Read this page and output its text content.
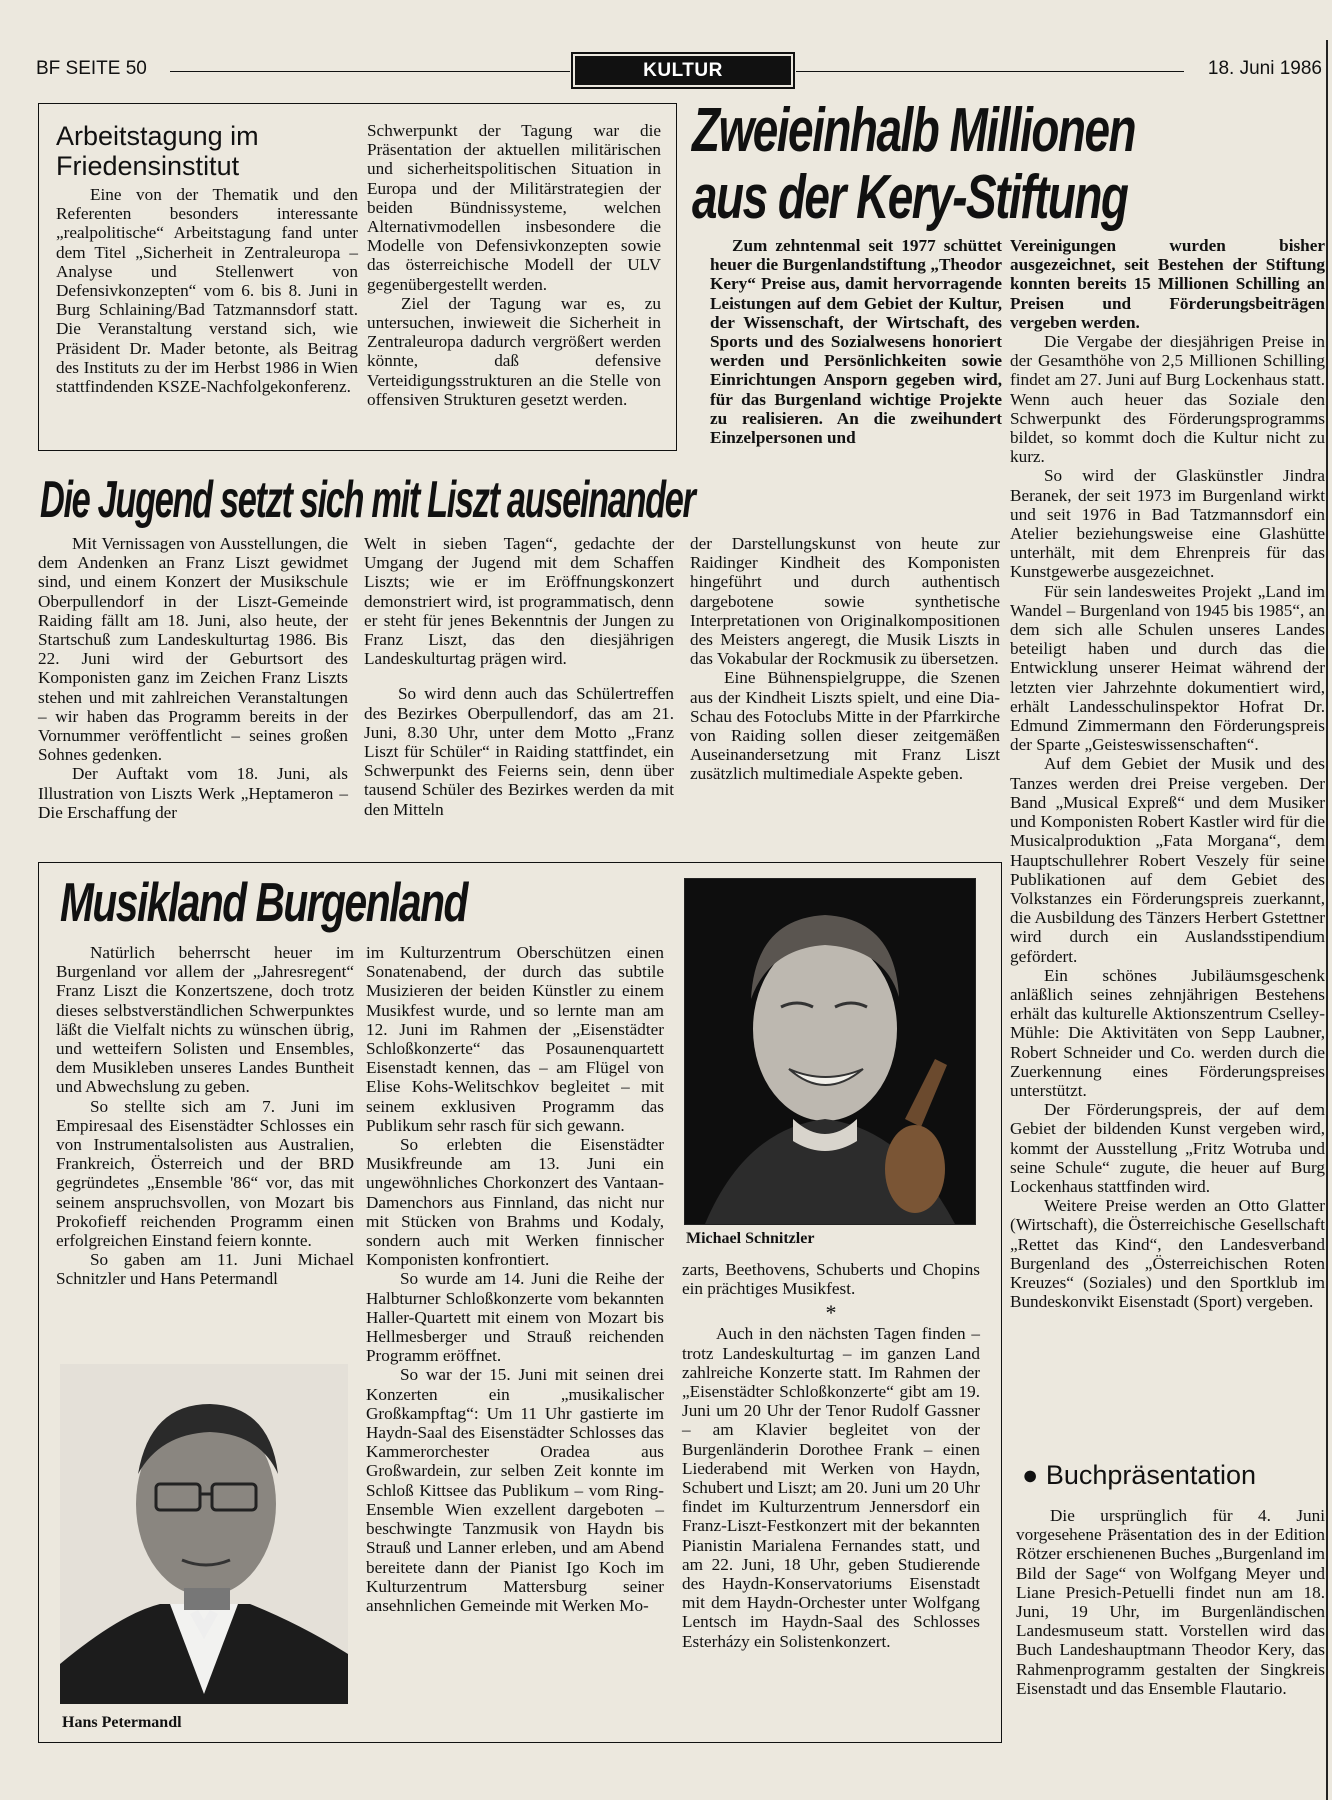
BF SEITE 50	KULTUR	18. Juni 1986
Arbeitstagung im Friedensinstitut

Eine von der Thematik und den Referenten besonders interessante „realpolitische“ Arbeitstagung fand unter dem Titel „Sicherheit in Zentraleuropa – Analyse und Stellenwert von Defensivkonzepten“ vom 6. bis 8. Juni in Burg Schlaining/Bad Tatzmannsdorf statt. Die Veranstaltung verstand sich, wie Präsident Dr. Mader betonte, als Beitrag des Instituts zu der im Herbst 1986 in Wien stattfindenden KSZE-Nachfolgekonferenz.

Schwerpunkt der Tagung war die Präsentation der aktuellen militärischen und sicherheitspolitischen Situation in Europa und der Militärstrategien der beiden Bündnissysteme, welchen Alternativmodellen insbesondere die Modelle von Defensivkonzepten sowie das österreichische Modell der ULV gegenübergestellt werden.

Ziel der Tagung war es, zu untersuchen, inwieweit die Sicherheit in Zentraleuropa dadurch vergrößert werden könnte, daß defensive Verteidigungsstrukturen an die Stelle von offensiven Strukturen gesetzt werden.

Zweieinhalb Millionen
aus der Kery-Stiftung

Zum zehntenmal seit 1977 schüttet heuer die Burgenlandstiftung „Theodor Kery“ Preise aus, damit hervorragende Leistungen auf dem Gebiet der Kultur, der Wissenschaft, der Wirtschaft, des Sports und des Sozialwesens honoriert werden und Persönlichkeiten sowie Einrichtungen Ansporn gegeben wird, für das Burgenland wichtige Projekte zu realisieren. An die zweihundert Einzelpersonen und

Vereinigungen wurden bisher ausgezeichnet, seit Bestehen der Stiftung konnten bereits 15 Millionen Schilling an Preisen und Förderungsbeiträgen vergeben werden.

Die Vergabe der diesjährigen Preise in der Gesamthöhe von 2,5 Millionen Schilling findet am 27. Juni auf Burg Lockenhaus statt. Wenn auch heuer das Soziale den Schwerpunkt des Förderungsprogramms bildet, so kommt doch die Kultur nicht zu kurz.

So wird der Glaskünstler Jindra Beranek, der seit 1973 im Burgenland wirkt und seit 1976 in Bad Tatzmannsdorf ein Atelier beziehungsweise eine Glashütte unterhält, mit dem Ehrenpreis für das Kunstgewerbe ausgezeichnet.

Für sein landesweites Projekt „Land im Wandel – Burgenland von 1945 bis 1985“, an dem sich alle Schulen unseres Landes beteiligt haben und durch das die Entwicklung unserer Heimat während der letzten vier Jahrzehnte dokumentiert wird, erhält Landesschulinspektor Hofrat Dr. Edmund Zimmermann den Förderungspreis der Sparte „Geisteswissenschaften“.

Auf dem Gebiet der Musik und des Tanzes werden drei Preise vergeben. Der Band „Musical Expreß“ und dem Musiker und Komponisten Robert Kastler wird für die Musicalproduktion „Fata Morgana“, dem Hauptschullehrer Robert Veszely für seine Publikationen auf dem Gebiet des Volkstanzes ein Förderungspreis zuerkannt, die Ausbildung des Tänzers Herbert Gstettner wird durch ein Auslandsstipendium gefördert.

Ein schönes Jubiläumsgeschenk anläßlich seines zehnjährigen Bestehens erhält das kulturelle Aktionszentrum Cselley-Mühle: Die Aktivitäten von Sepp Laubner, Robert Schneider und Co. werden durch die Zuerkennung eines Förderungspreises unterstützt.

Der Förderungspreis, der auf dem Gebiet der bildenden Kunst vergeben wird, kommt der Ausstellung „Fritz Wotruba und seine Schule“ zugute, die heuer auf Burg Lockenhaus stattfinden wird.

Weitere Preise werden an Otto Glatter (Wirtschaft), die Österreichische Gesellschaft „Rettet das Kind“, den Landesverband Burgenland des „Österreichischen Roten Kreuzes“ (Soziales) und den Sportklub im Bundeskonvikt Eisenstadt (Sport) vergeben.

● Buchpräsentation

Die ursprünglich für 4. Juni vorgesehene Präsentation des in der Edition Rötzer erschienenen Buches „Burgenland im Bild der Sage“ von Wolfgang Meyer und Liane Presich-Petuelli findet nun am 18. Juni, 19 Uhr, im Burgenländischen Landesmuseum statt. Vorstellen wird das Buch Landeshauptmann Theodor Kery, das Rahmenprogramm gestalten der Singkreis Eisenstadt und das Ensemble Flautario.

Die Jugend setzt sich mit Liszt auseinander

Mit Vernissagen von Ausstellungen, die dem Andenken an Franz Liszt gewidmet sind, und einem Konzert der Musikschule Oberpullendorf in der Liszt-Gemeinde Raiding fällt am 18. Juni, also heute, der Startschuß zum Landeskulturtag 1986. Bis 22. Juni wird der Geburtsort des Komponisten ganz im Zeichen Franz Liszts stehen und mit zahlreichen Veranstaltungen – wir haben das Programm bereits in der Vornummer veröffentlicht – seines großen Sohnes gedenken.

Der Auftakt vom 18. Juni, als Illustration von Liszts Werk „Heptameron – Die Erschaffung der

Welt in sieben Tagen“, gedachte der Umgang der Jugend mit dem Schaffen Liszts; wie er im Eröffnungskonzert demonstriert wird, ist programmatisch, denn er steht für jenes Bekenntnis der Jungen zu Franz Liszt, das den diesjährigen Landeskulturtag prägen wird.

So wird denn auch das Schülertreffen des Bezirkes Oberpullendorf, das am 21. Juni, 8.30 Uhr, unter dem Motto „Franz Liszt für Schüler“ in Raiding stattfindet, ein Schwerpunkt des Feierns sein, denn über tausend Schüler des Bezirkes werden da mit den Mitteln

der Darstellungskunst von heute zur Raidinger Kindheit des Komponisten hingeführt und durch authentisch dargebotene sowie synthetische Interpretationen von Originalkompositionen des Meisters angeregt, die Musik Liszts in das Vokabular der Rockmusik zu übersetzen.

Eine Bühnenspielgruppe, die Szenen aus der Kindheit Liszts spielt, und eine Dia-Schau des Fotoclubs Mitte in der Pfarrkirche von Raiding sollen dieser zeitgemäßen Auseinandersetzung mit Franz Liszt zusätzlich multimediale Aspekte geben.

Musikland Burgenland

Natürlich beherrscht heuer im Burgenland vor allem der „Jahresregent“ Franz Liszt die Konzertszene, doch trotz dieses selbstverständlichen Schwerpunktes läßt die Vielfalt nichts zu wünschen übrig, und wetteifern Solisten und Ensembles, dem Musikleben unseres Landes Buntheit und Abwechslung zu geben.

So stellte sich am 7. Juni im Empiresaal des Eisenstädter Schlosses ein von Instrumentalsolisten aus Australien, Frankreich, Österreich und der BRD gegründetes „Ensemble '86“ vor, das mit seinem anspruchsvollen, von Mozart bis Prokofieff reichenden Programm einen erfolgreichen Einstand feiern konnte.

So gaben am 11. Juni Michael Schnitzler und Hans Petermandl

Hans Petermandl

im Kulturzentrum Oberschützen einen Sonatenabend, der durch das subtile Musizieren der beiden Künstler zu einem Musikfest wurde, und so lernte man am 12. Juni im Rahmen der „Eisenstädter Schloßkonzerte“ das Posaunenquartett Eisenstadt kennen, das – am Flügel von Elise Kohs-Welitschkov begleitet – mit seinem exklusiven Programm das Publikum sehr rasch für sich gewann.

So erlebten die Eisenstädter Musikfreunde am 13. Juni ein ungewöhnliches Chorkonzert des Vantaan-Damenchors aus Finnland, das nicht nur mit Stücken von Brahms und Kodaly, sondern auch mit Werken finnischer Komponisten konfrontiert.

So wurde am 14. Juni die Reihe der Halbturner Schloßkonzerte vom bekannten Haller-Quartett mit einem von Mozart bis Hellmesberger und Strauß reichenden Programm eröffnet.

So war der 15. Juni mit seinen drei Konzerten ein „musikalischer Großkampftag“: Um 11 Uhr gastierte im Haydn-Saal des Eisenstädter Schlosses das Kammerorchester Oradea aus Großwardein, zur selben Zeit konnte im Schloß Kittsee das Publikum – vom Ring-Ensemble Wien exzellent dargeboten – beschwingte Tanzmusik von Haydn bis Strauß und Lanner erleben, und am Abend bereitete dann der Pianist Igo Koch im Kulturzentrum Mattersburg seiner ansehnlichen Gemeinde mit Werken Mo-

Michael Schnitzler

zarts, Beethovens, Schuberts und Chopins ein prächtiges Musikfest.

*

Auch in den nächsten Tagen finden – trotz Landeskulturtag – im ganzen Land zahlreiche Konzerte statt. Im Rahmen der „Eisenstädter Schloßkonzerte“ gibt am 19. Juni um 20 Uhr der Tenor Rudolf Gassner – am Klavier begleitet von der Burgenländerin Dorothee Frank – einen Liederabend mit Werken von Haydn, Schubert und Liszt; am 20. Juni um 20 Uhr findet im Kulturzentrum Jennersdorf ein Franz-Liszt-Festkonzert mit der bekannten Pianistin Marialena Fernandes statt, und am 22. Juni, 18 Uhr, geben Studierende des Haydn-Konservatoriums Eisenstadt mit dem Haydn-Orchester unter Wolfgang Lentsch im Haydn-Saal des Schlosses Esterházy ein Solistenkonzert.
